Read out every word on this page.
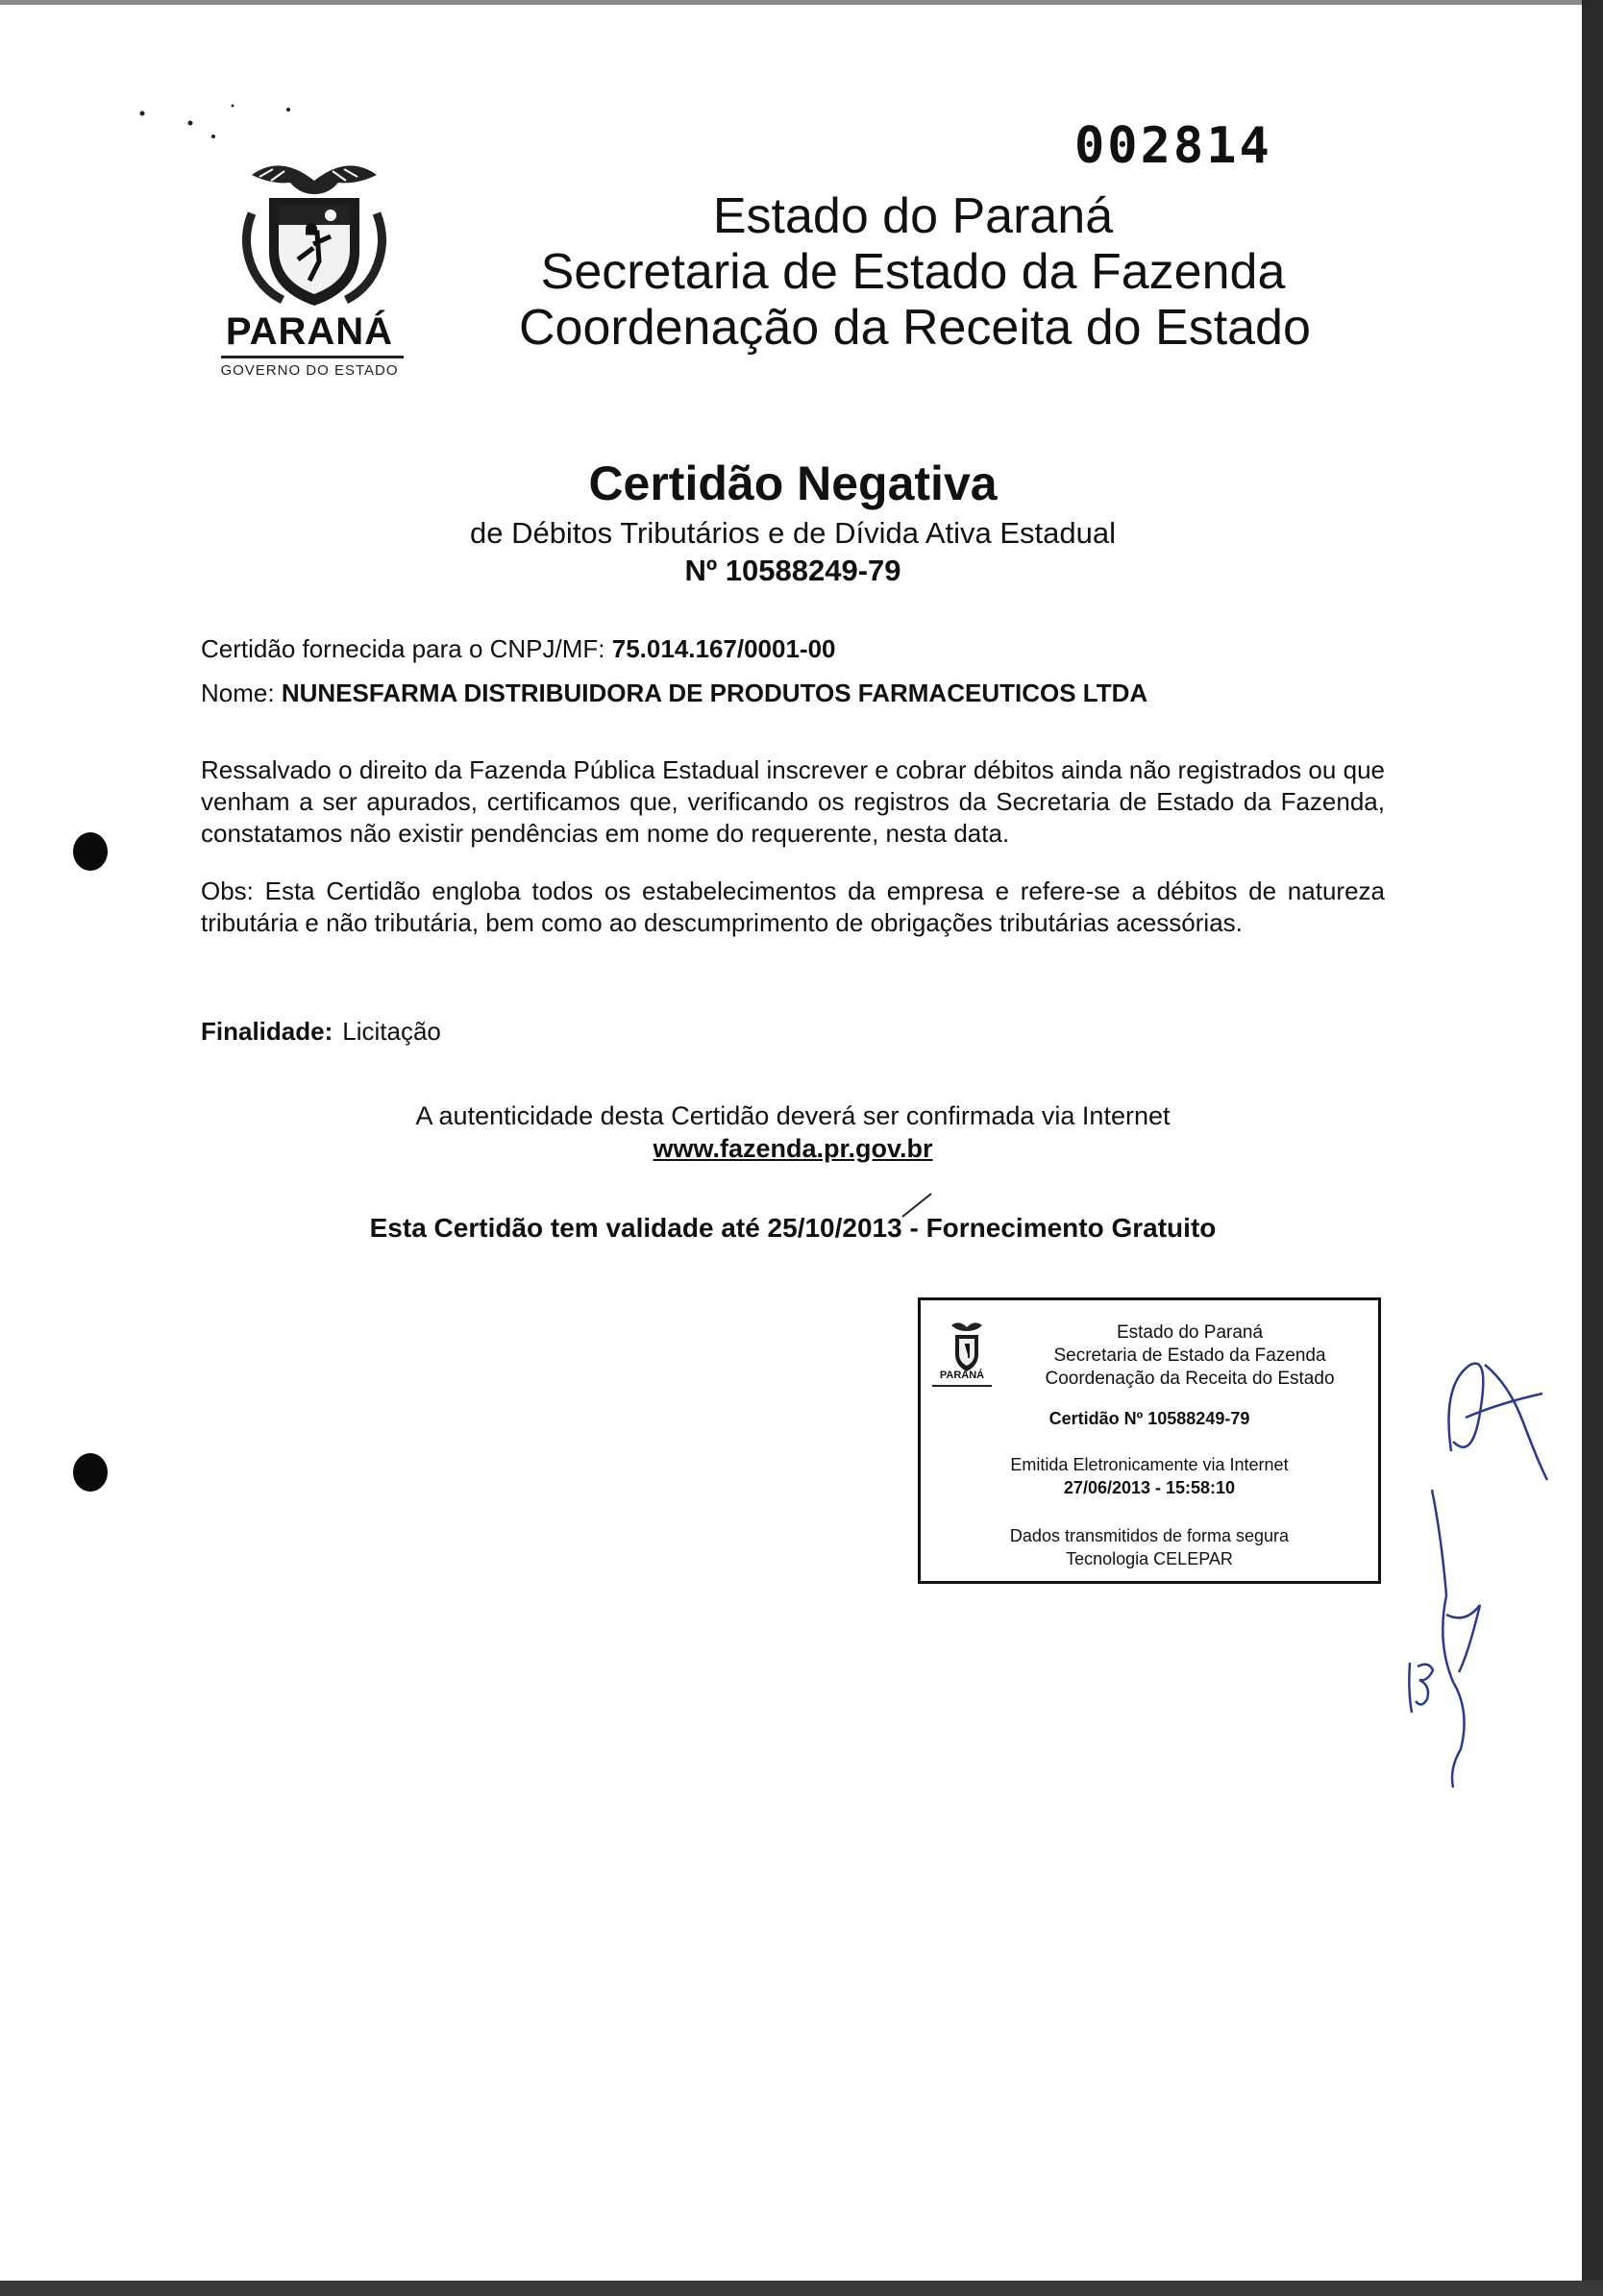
002814
PARANÁ
GOVERNO DO ESTADO
Estado do Paraná
Secretaria de Estado da Fazenda
Coordenação da Receita do Estado
Certidão Negativa
de Débitos Tributários e de Dívida Ativa Estadual
Nº 10588249-79
Certidão fornecida para o CNPJ/MF: 75.014.167/0001-00
Nome: NUNESFARMA DISTRIBUIDORA DE PRODUTOS FARMACEUTICOS LTDA
Ressalvado o direito da Fazenda Pública Estadual inscrever e cobrar débitos ainda não registrados ou que venham a ser apurados, certificamos que, verificando os registros da Secretaria de Estado da Fazenda, constatamos não existir pendências em nome do requerente, nesta data.
Obs: Esta Certidão engloba todos os estabelecimentos da empresa e refere-se a débitos de natureza tributária e não tributária, bem como ao descumprimento de obrigações tributárias acessórias.
Finalidade: Licitação
A autenticidade desta Certidão deverá ser confirmada via Internet
www.fazenda.pr.gov.br
Esta Certidão tem validade até 25/10/2013 - Fornecimento Gratuito
PARANÁ
Estado do Paraná
Secretaria de Estado da Fazenda
Coordenação da Receita do Estado
Certidão Nº 10588249-79
Emitida Eletronicamente via Internet
27/06/2013 - 15:58:10
Dados transmitidos de forma segura
Tecnologia CELEPAR
